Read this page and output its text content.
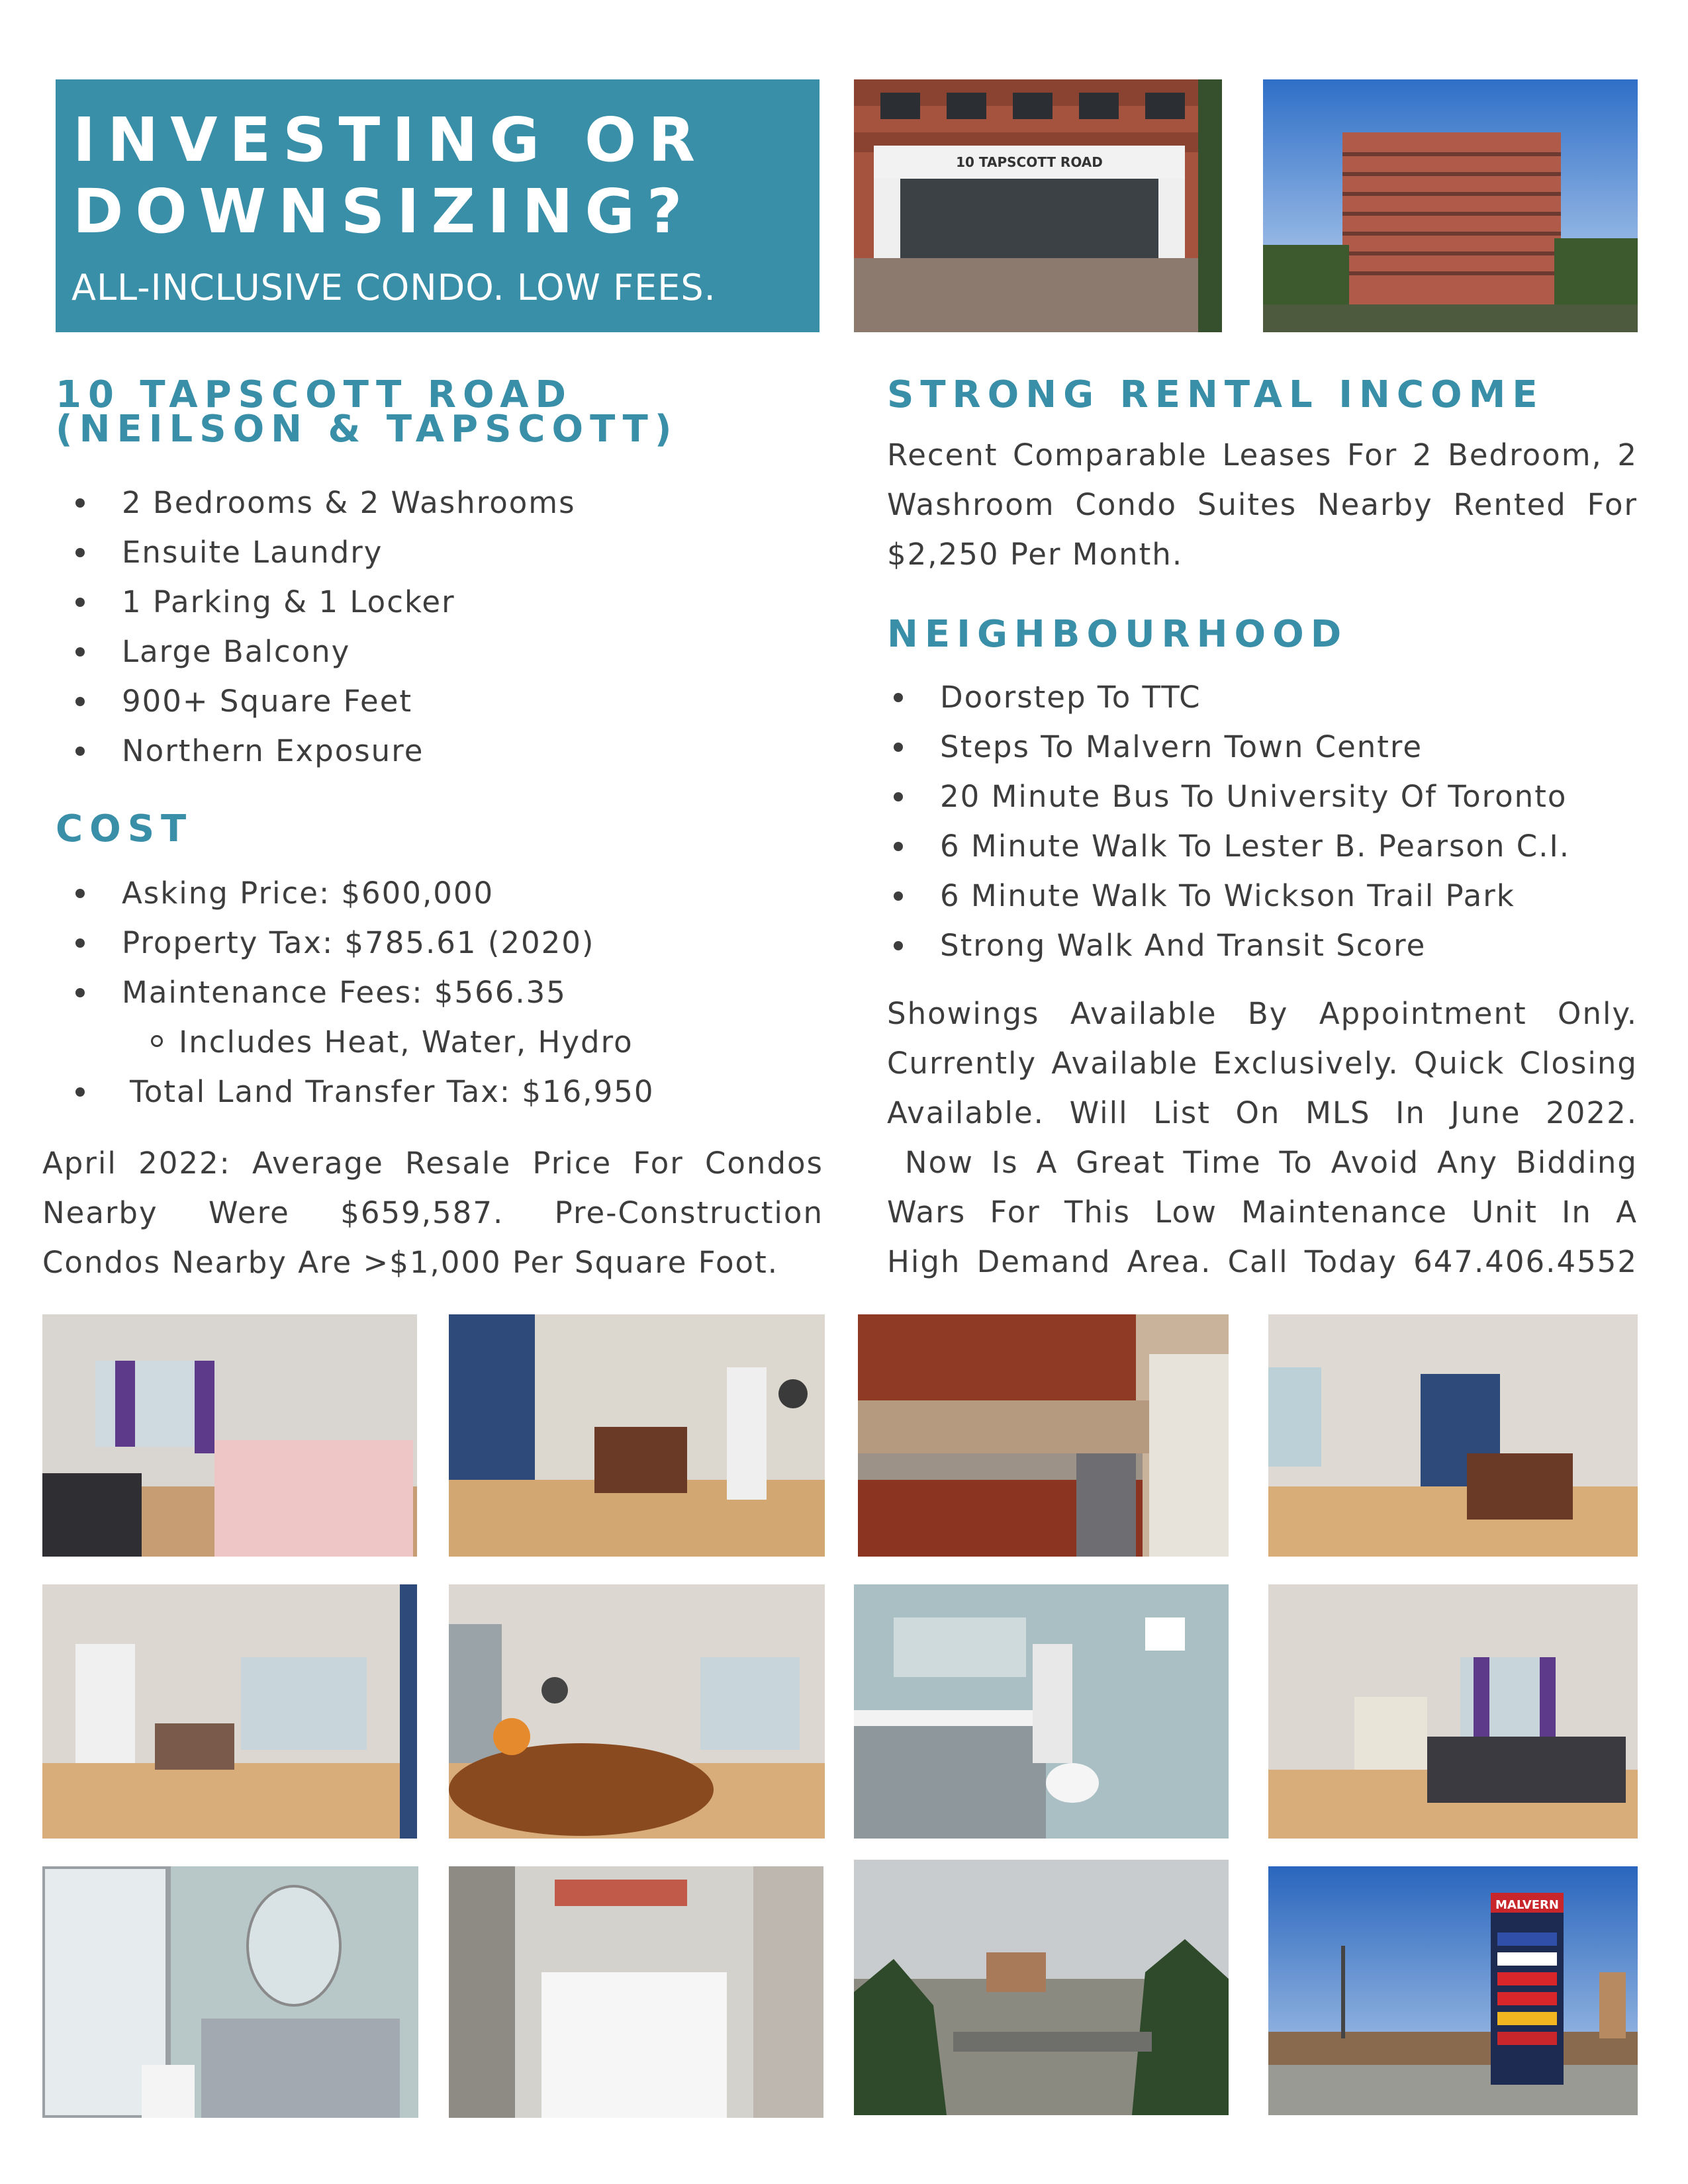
INVESTING OR
DOWNSIZING?
ALL-INCLUSIVE CONDO. LOW FEES.
10 TAPSCOTT ROAD
10 TAPSCOTT ROAD
(NEILSON & TAPSCOTT)
2 Bedrooms & 2 Washrooms
Ensuite Laundry
1 Parking & 1 Locker
Large Balcony
900+ Square Feet
Northern Exposure
COST
Asking Price: $600,000
Property Tax: $785.61 (2020)
Maintenance Fees: $566.35
Includes Heat, Water, Hydro
Total Land Transfer Tax: $16,950
April 2022: Average Resale Price For Condos
Nearby Were $659,587. Pre-Construction
Condos Nearby Are >$1,000 Per Square Foot.
STRONG RENTAL INCOME
Recent Comparable Leases For 2 Bedroom, 2
Washroom Condo Suites Nearby Rented For
$2,250 Per Month.
NEIGHBOURHOOD
Doorstep To TTC
Steps To Malvern Town Centre
20 Minute Bus To University Of Toronto
6 Minute Walk To Lester B. Pearson C.I.
6 Minute Walk To Wickson Trail Park
Strong Walk And Transit Score
Showings Available By Appointment Only.
Currently Available Exclusively. Quick Closing
Available. Will List On MLS In June 2022.
Now Is A Great Time To Avoid Any Bidding
Wars For This Low Maintenance Unit In A
High Demand Area. Call Today 647.406.4552
MALVERN
